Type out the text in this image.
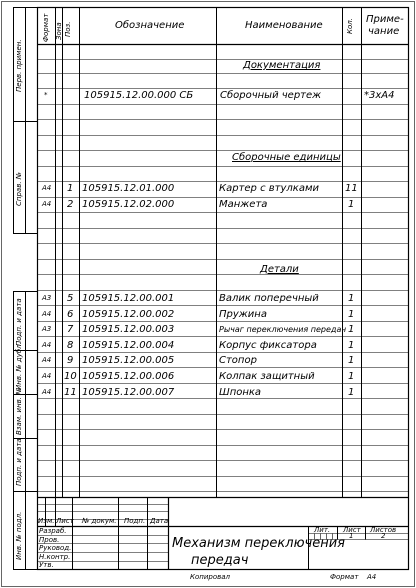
Формат Зона Поз.	Обозначение	Наименование	Кол. Приме-
чание
Документация
Сборочные единицы
Детали
*	105915.12.00.000 СБ	Сборочный чертеж	*3хА4
А4 1 105915.12.01.000	Картер с втулками	11
А4 2 105915.12.02.000	Манжета	1
А3 5 105915.12.00.001	Валик поперечный	1
А4 6 105915.12.00.002	Пружина	1
А3 7 105915.12.00.003	Рычаг переключения передач 1
А4 8 105915.12.00.004	Корпус фиксатора	1
А4 9 105915.12.00.005	Стопор	1
А4 10 105915.12.00.006	Колпак защитный	1
А4 11 105915.12.00.007	Шпонка	1
Перв. примен.
Справ. №
Подп. и дата
Инв. № дубл.
Взам. инв. №
Подп. и дата
Инв. № подл. Изм. Лист № докум. Подп. Дата
Разраб.
Пров.
Руковод.
Н.контр.
Утв.
Механизм переключения
передач
Лит. Лист Листов
1	2
Копировал	Формат А4
